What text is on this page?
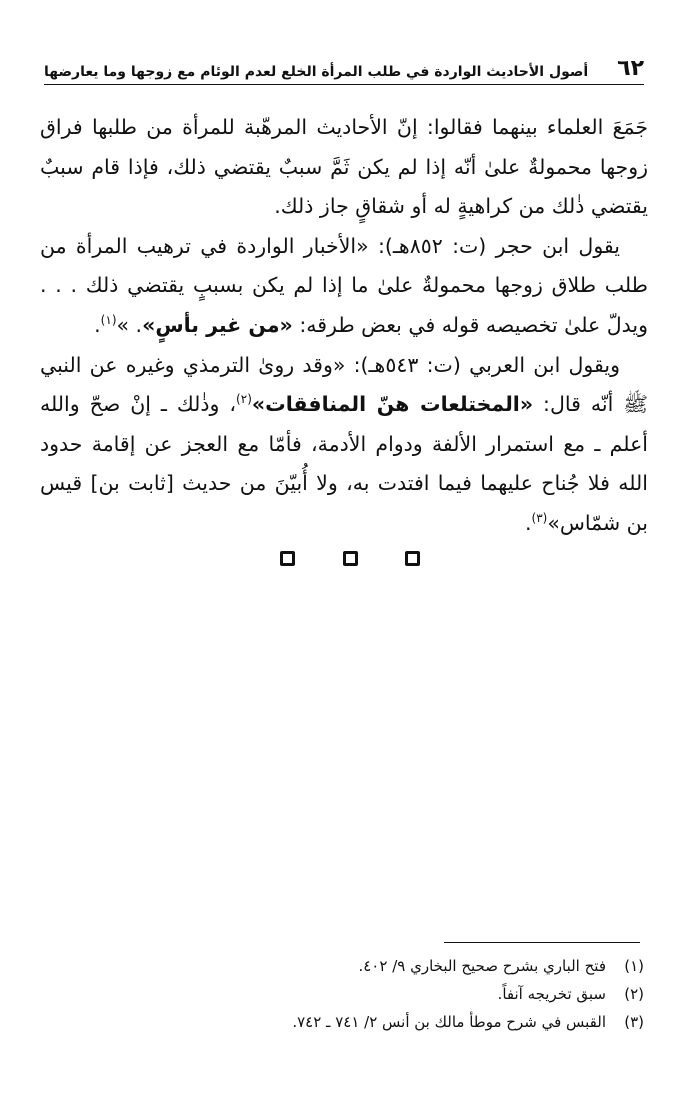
٦٢
أصول الأحاديث الواردة في طلب المرأة الخلع لعدم الوئام مع زوجها وما يعارضها

جَمَعَ العلماء بينهما فقالوا: إنّ الأحاديث المرهّبة للمرأة من طلبها فراق زوجها محمولةٌ علىٰ أنّه إذا لم يكن ثَمَّ سببٌ يقتضي ذلك، فإذا قام سببٌ يقتضي ذٰلك من كراهيةٍ له أو شقاقٍ جاز ذلك.

يقول ابن حجر (ت: ٨٥٢هـ): «الأخبار الواردة في ترهيب المرأة من طلب طلاق زوجها محمولةٌ علىٰ ما إذا لم يكن بسببٍ يقتضي ذلك . . . ويدلّ علىٰ تخصيصه قوله في بعض طرقه: «من غير بأسٍ». »$^{(١)}$.

ويقول ابن العربي (ت: ٥٤٣هـ): «وقد روىٰ الترمذي وغيره عن النبي ﷺ أنّه قال: «المختلعات هنّ المنافقات»$^{(٢)}$، وذٰلك ـ إنْ صحّ والله أعلم ـ مع استمرار الألفة ودوام الأدمة، فأمّا مع العجز عن إقامة حدود الله فلا جُناح عليهما فيما افتدت به، ولا أُبيّنَ من حديث [ثابت بن] قيس بن شمّاس»$^{(٣)}$.

(١)
فتح الباري بشرح صحيح البخاري ٩/ ٤٠٢.
(٢)
سبق تخريجه آنفاً.
(٣)
القبس في شرح موطأ مالك بن أنس ٢/ ٧٤١ ـ ٧٤٢.
